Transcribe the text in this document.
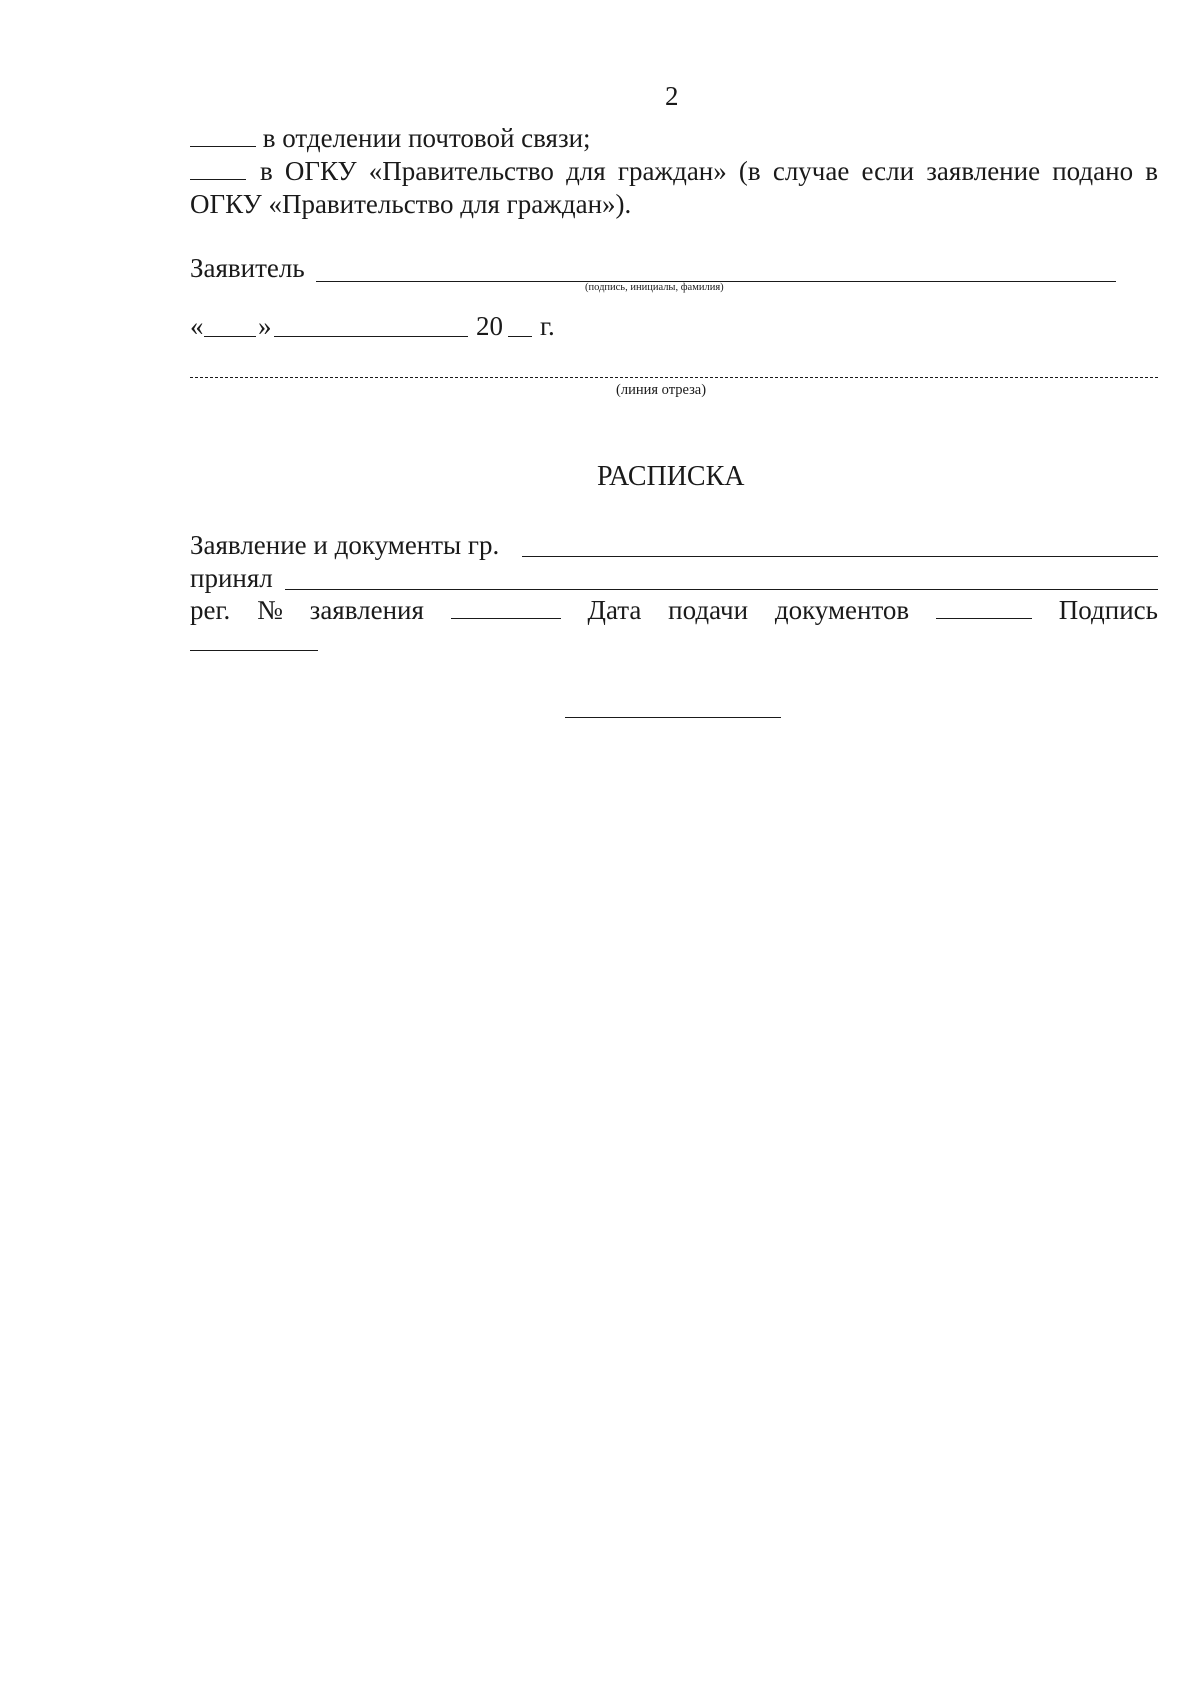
2
в отделении почтовой связи;
в ОГКУ «Правительство для граждан» (в случае если заявление подано в
ОГКУ «Правительство для граждан»).
Заявитель
(подпись, инициалы, фамилия)
« »	20 г.
(линия отреза)
РАСПИСКА
Заявление и документы гр.
принял
рег. № заявления	Дата подачи документов	Подпись
